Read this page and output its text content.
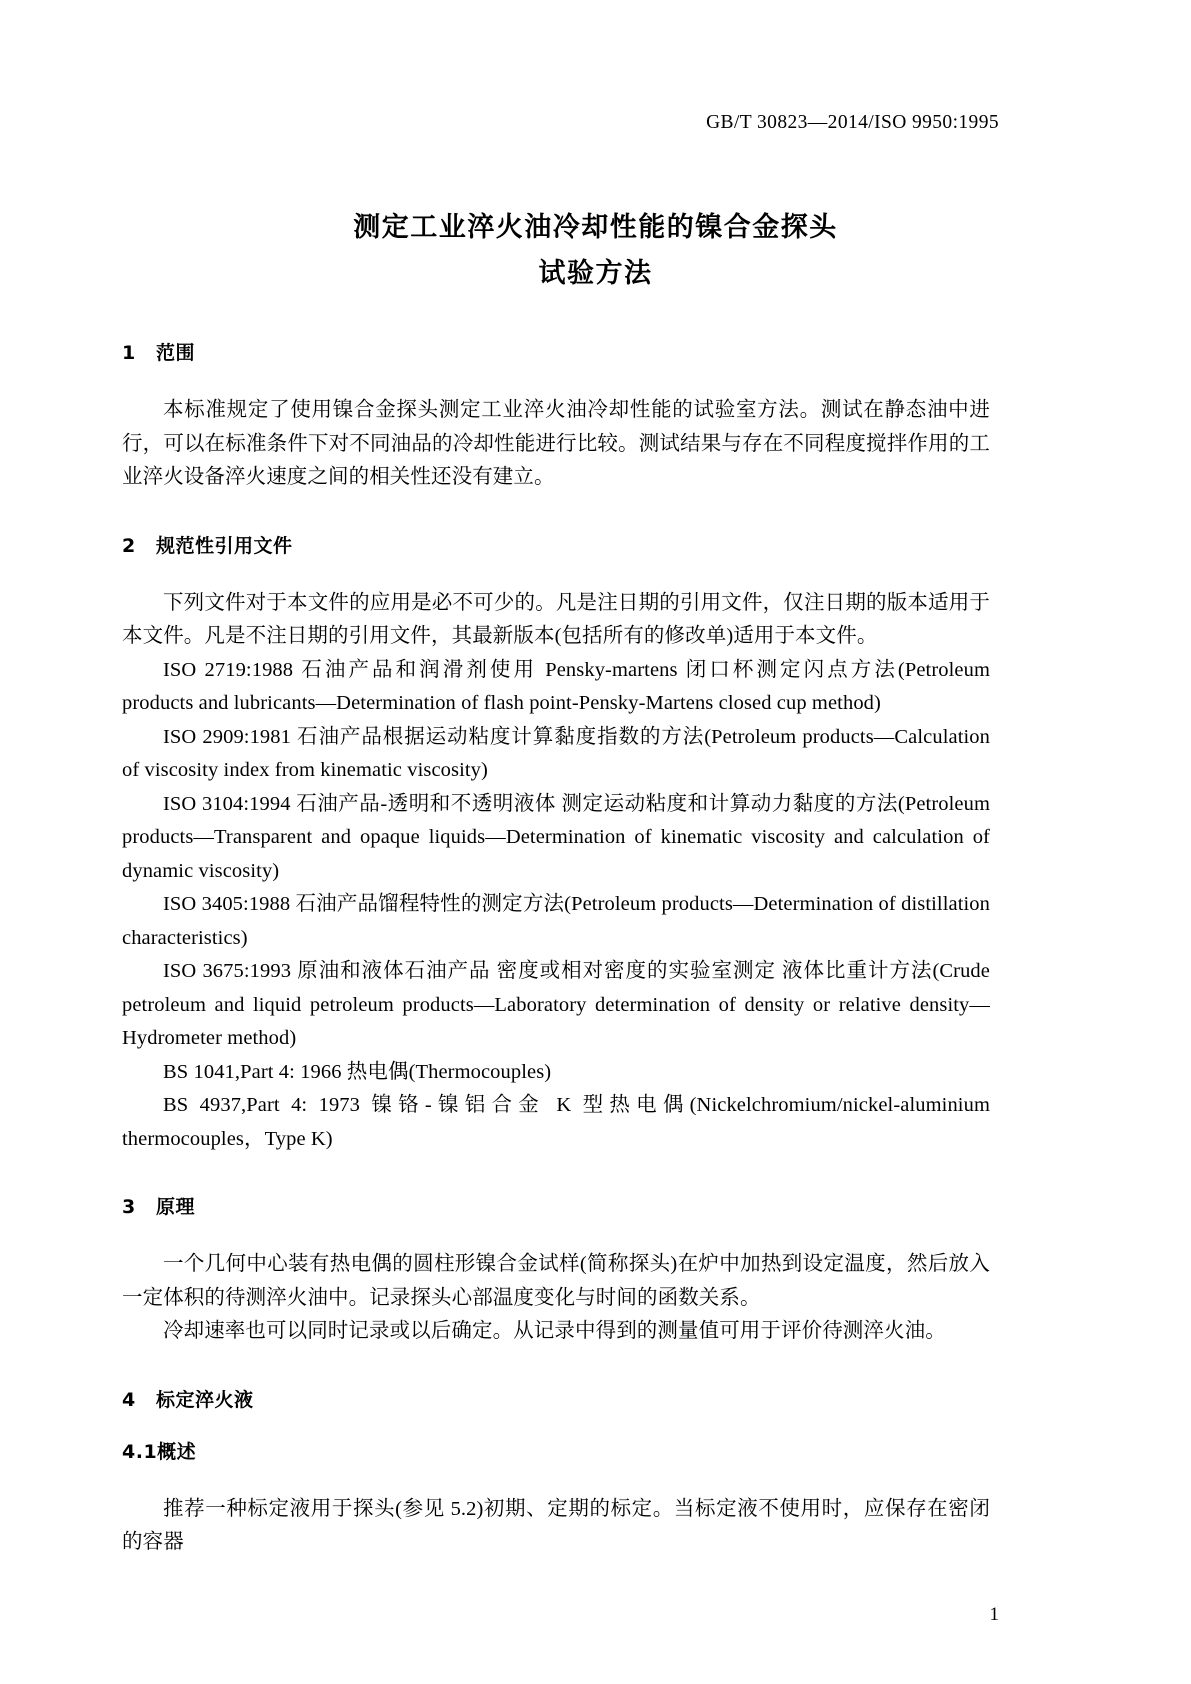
GB/T 30823—2014/ISO 9950:1995
测定工业淬火油冷却性能的镍合金探头
试验方法
1 范围

本标准规定了使用镍合金探头测定工业淬火油冷却性能的试验室方法。测试在静态油中进行，可以在标准条件下对不同油品的冷却性能进行比较。测试结果与存在不同程度搅拌作用的工业淬火设备淬火速度之间的相关性还没有建立。

2 规范性引用文件

下列文件对于本文件的应用是必不可少的。凡是注日期的引用文件，仅注日期的版本适用于本文件。凡是不注日期的引用文件，其最新版本(包括所有的修改单)适用于本文件。

ISO 2719:1988 石油产品和润滑剂使用 Pensky-martens 闭口杯测定闪点方法(Petroleum products and lubricants—Determination of flash point-Pensky-Martens closed cup method)

ISO 2909:1981 石油产品根据运动粘度计算黏度指数的方法(Petroleum products—Calculation of viscosity index from kinematic viscosity)

ISO 3104:1994 石油产品-透明和不透明液体 测定运动粘度和计算动力黏度的方法(Petroleum products—Transparent and opaque liquids—Determination of kinematic viscosity and calculation of dynamic viscosity)

ISO 3405:1988 石油产品馏程特性的测定方法(Petroleum products—Determination of distillation characteristics)

ISO 3675:1993 原油和液体石油产品 密度或相对密度的实验室测定 液体比重计方法(Crude petroleum and liquid petroleum products—Laboratory determination of density or relative density—Hydrometer method)

BS 1041,Part 4: 1966 热电偶(Thermocouples)

BS 4937,Part 4: 1973 镍铬-镍铝合金 K 型热电偶(Nickelchromium/nickel-aluminium thermocouples，Type K)

3 原理

一个几何中心装有热电偶的圆柱形镍合金试样(简称探头)在炉中加热到设定温度，然后放入一定体积的待测淬火油中。记录探头心部温度变化与时间的函数关系。

冷却速率也可以同时记录或以后确定。从记录中得到的测量值可用于评价待测淬火油。

4 标定淬火液
4.1概述

推荐一种标定液用于探头(参见 5.2)初期、定期的标定。当标定液不使用时，应保存在密闭的容器

1
